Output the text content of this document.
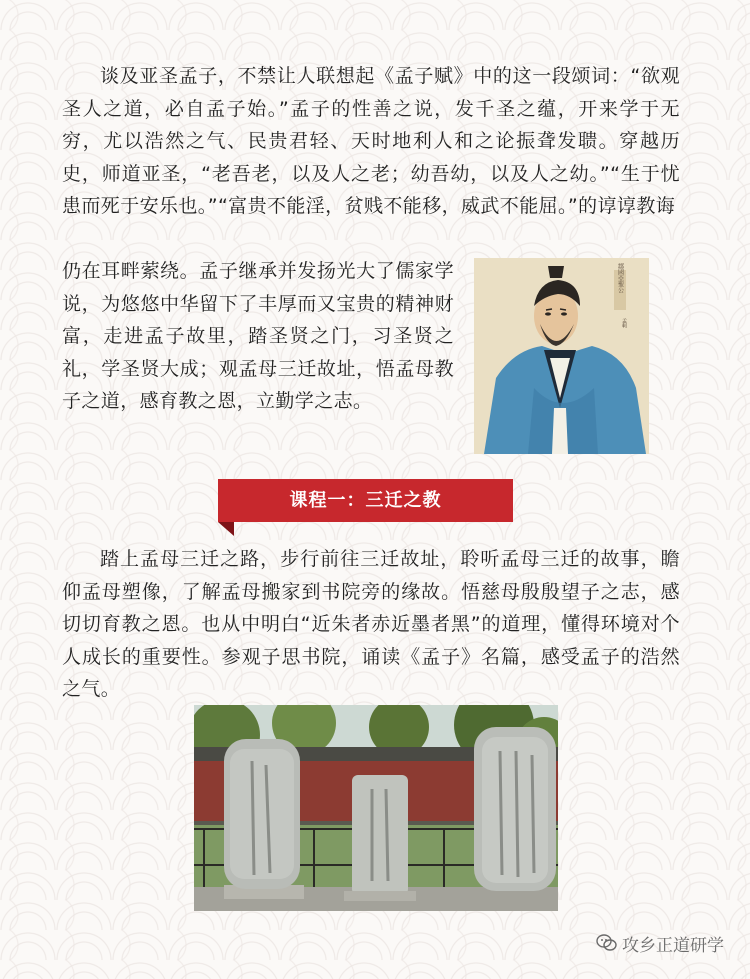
谈及亚圣孟子，不禁让人联想起《孟子赋》中的这一段颂词：“欲观圣人之道，必自孟子始。”孟子的性善之说，发千圣之蕴，开来学于无穷，尤以浩然之气、民贵君轻、天时地利人和之论振聋发聩。穿越历史，师道亚圣，“老吾老，以及人之老；幼吾幼，以及人之幼。”“生于忧患而死于安乐也。”“富贵不能淫，贫贱不能移，威武不能屈。”的谆谆教诲

仍在耳畔萦绕。孟子继承并发扬光大了儒家学说，为悠悠中华留下了丰厚而又宝贵的精神财富，走进孟子故里，踏圣贤之门，习圣贤之礼，学圣贤大成；观孟母三迁故址，悟孟母教子之道，感育教之恩，立勤学之志。

鄒國亞聖公
孟軻
课程一：三迁之教

踏上孟母三迁之路，步行前往三迁故址，聆听孟母三迁的故事，瞻仰孟母塑像，了解孟母搬家到书院旁的缘故。悟慈母殷殷望子之志，感切切育教之恩。也从中明白“近朱者赤近墨者黑”的道理，懂得环境对个人成长的重要性。参观子思书院，诵读《孟子》名篇，感受孟子的浩然之气。

攻乡正道研学
